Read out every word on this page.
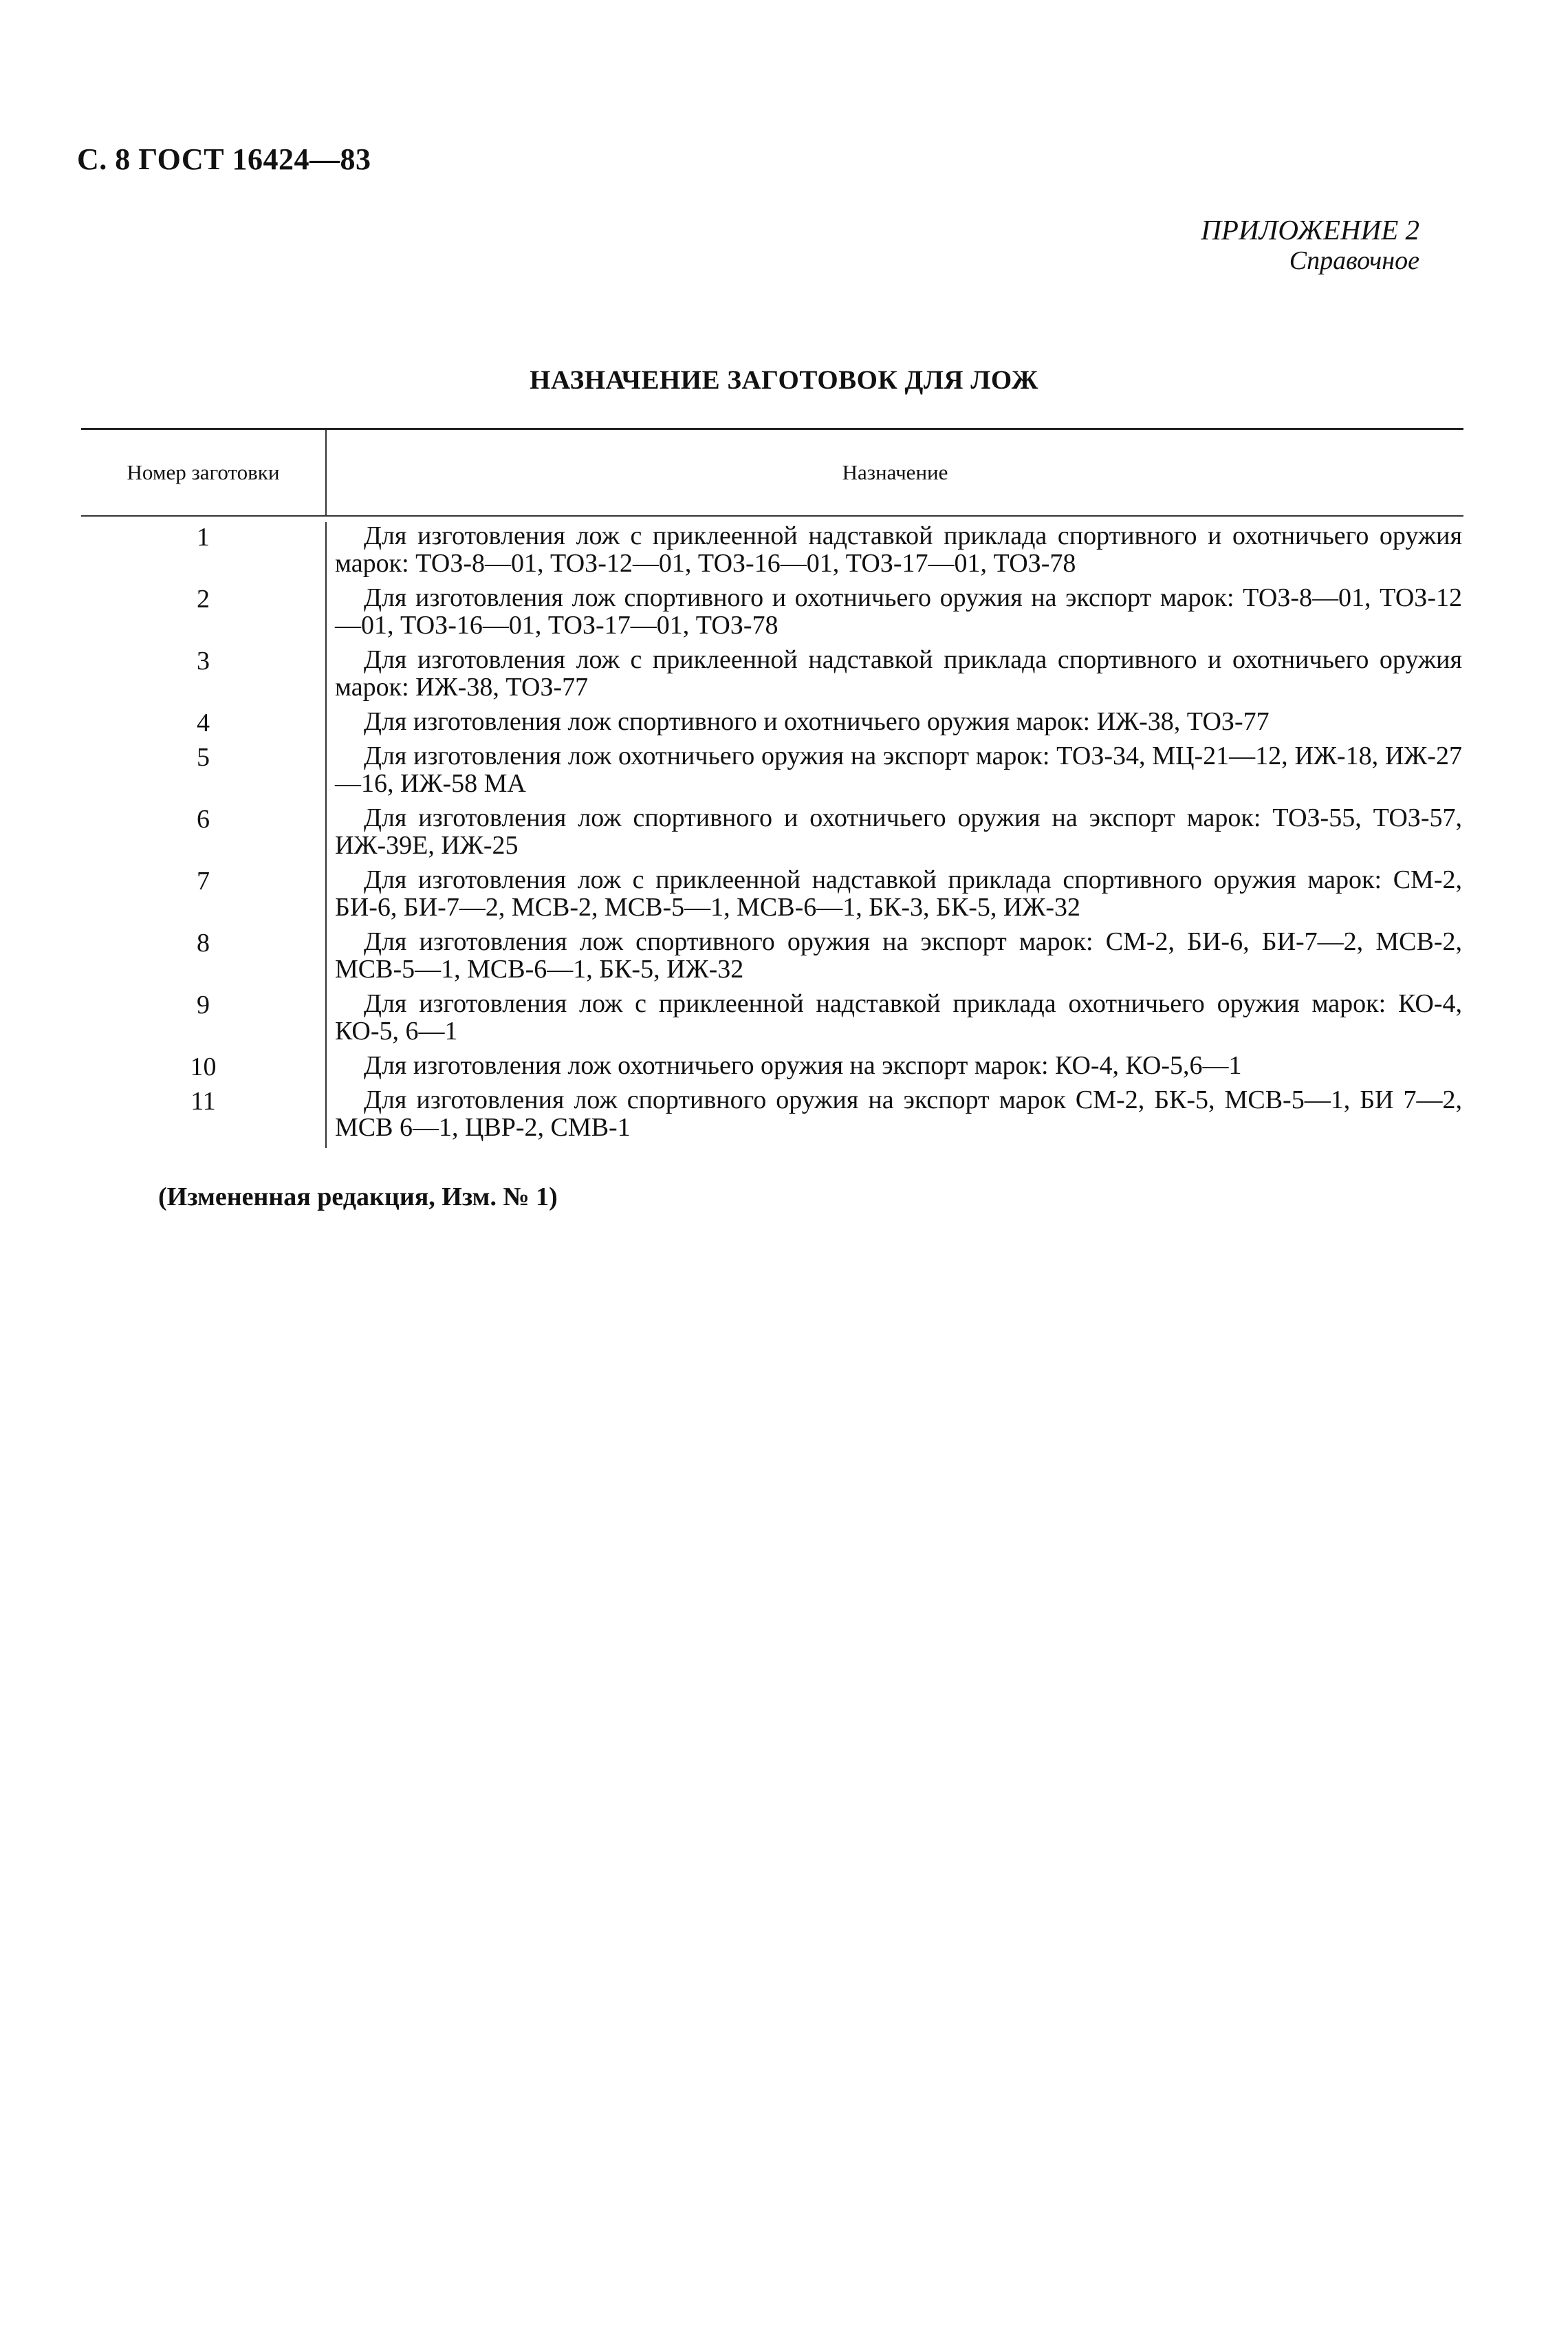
С. 8 ГОСТ 16424—83
ПРИЛОЖЕНИЕ 2
Справочное
НАЗНАЧЕНИЕ ЗАГОТОВОК ДЛЯ ЛОЖ
Номер заготовки	Назначение
1	Для изготовления лож с приклеенной надставкой приклада спортивного и охотничьего оружия марок: ТОЗ-8—01, ТОЗ-12—01, ТОЗ-16—01, ТОЗ-17—01, ТОЗ-78
2	Для изготовления лож спортивного и охотничьего оружия на экспорт марок: ТОЗ-8—01, ТОЗ-12—01, ТОЗ-16—01, ТОЗ-17—01, ТОЗ-78
3	Для изготовления лож с приклеенной надставкой приклада спортивного и охотничьего оружия марок: ИЖ-38, ТОЗ-77
4	Для изготовления лож спортивного и охотничьего оружия марок: ИЖ-38, ТОЗ-77
5	Для изготовления лож охотничьего оружия на экспорт марок: ТОЗ-34, МЦ-21—12, ИЖ-18, ИЖ-27—16, ИЖ-58 МА
6	Для изготовления лож спортивного и охотничьего оружия на экспорт марок: ТОЗ-55, ТОЗ-57, ИЖ-39Е, ИЖ-25
7	Для изготовления лож с приклеенной надставкой приклада спортивного оружия марок: СМ-2, БИ-6, БИ-7—2, МСВ-2, МСВ-5—1, МСВ-6—1, БК-3, БК-5, ИЖ-32
8	Для изготовления лож спортивного оружия на экспорт марок: СМ-2, БИ-6, БИ-7—2, МСВ-2, МСВ-5—1, МСВ-6—1, БК-5, ИЖ-32
9	Для изготовления лож с приклеенной надставкой приклада охотничьего оружия марок: КО-4, КО-5, 6—1
10	Для изготовления лож охотничьего оружия на экспорт марок: КО-4, КО-5,6—1
11	Для изготовления лож спортивного оружия на экспорт марок СМ-2, БК-5, МСВ-5—1, БИ 7—2, МСВ 6—1, ЦВР-2, СМВ-1
(Измененная редакция, Изм. № 1)
